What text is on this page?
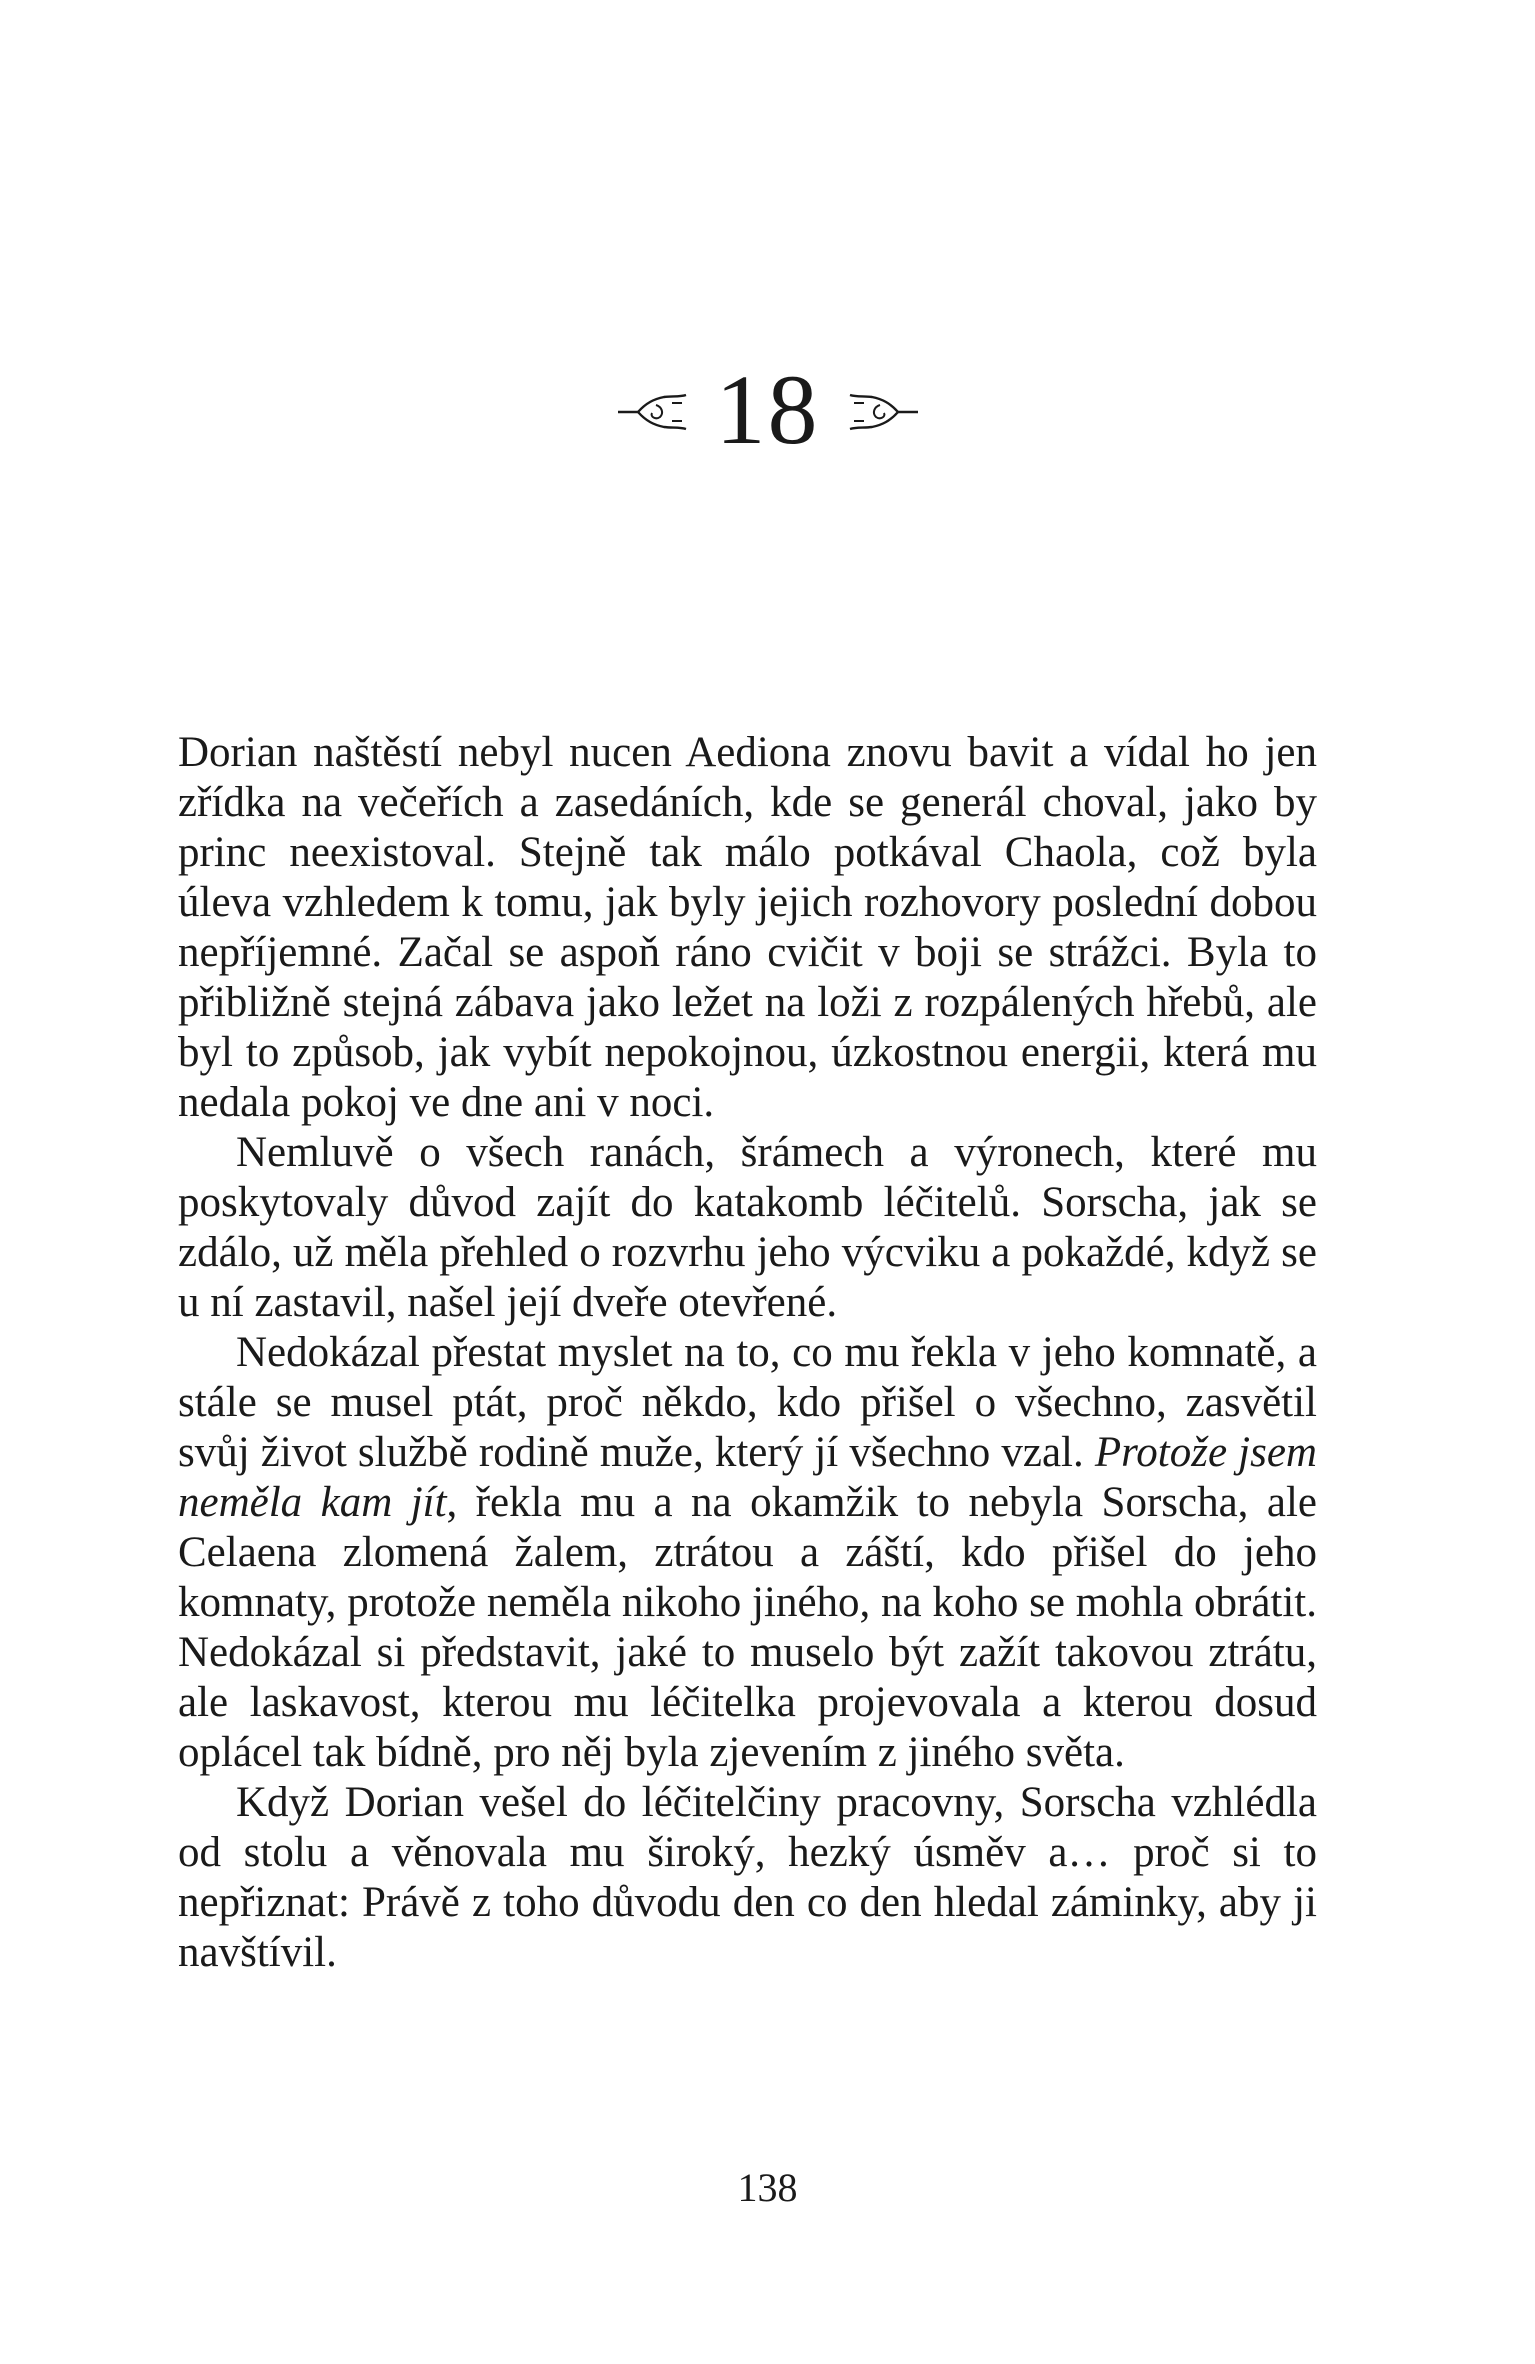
18

Dorian naštěstí nebyl nucen Aediona znovu bavit a vídal ho jen zřídka na večeřích a zasedáních, kde se generál choval, jako by princ neexistoval. Stejně tak málo potkával Chaola, což byla úleva vzhledem k tomu, jak byly jejich rozhovory poslední dobou nepříjemné. Začal se aspoň ráno cvičit v boji se strážci. Byla to přibližně stejná zábava jako ležet na loži z rozpálených hřebů, ale byl to způsob, jak vybít nepokojnou, úzkostnou energii, která mu nedala pokoj ve dne ani v noci.

Nemluvě o všech ranách, šrámech a výronech, které mu poskytovaly důvod zajít do katakomb léčitelů. Sorscha, jak se zdálo, už měla přehled o rozvrhu jeho výcviku a pokaždé, když se u ní zastavil, našel její dveře otevřené.

Nedokázal přestat myslet na to, co mu řekla v jeho komnatě, a stále se musel ptát, proč někdo, kdo přišel o všechno, zasvětil svůj život službě rodině muže, který jí všechno vzal. Protože jsem neměla kam jít, řekla mu a na okamžik to nebyla Sorscha, ale Celaena zlomená žalem, ztrátou a záští, kdo přišel do jeho komnaty, protože neměla nikoho jiného, na koho se mohla obrátit. Nedokázal si představit, jaké to muselo být zažít takovou ztrátu, ale laskavost, kterou mu léčitelka projevovala a kterou dosud oplácel tak bídně, pro něj byla zjevením z jiného světa.

Když Dorian vešel do léčitelčiny pracovny, Sorscha vzhlédla od stolu a věnovala mu široký, hezký úsměv a… proč si to nepřiznat: Právě z toho důvodu den co den hledal záminky, aby ji navštívil.

138
